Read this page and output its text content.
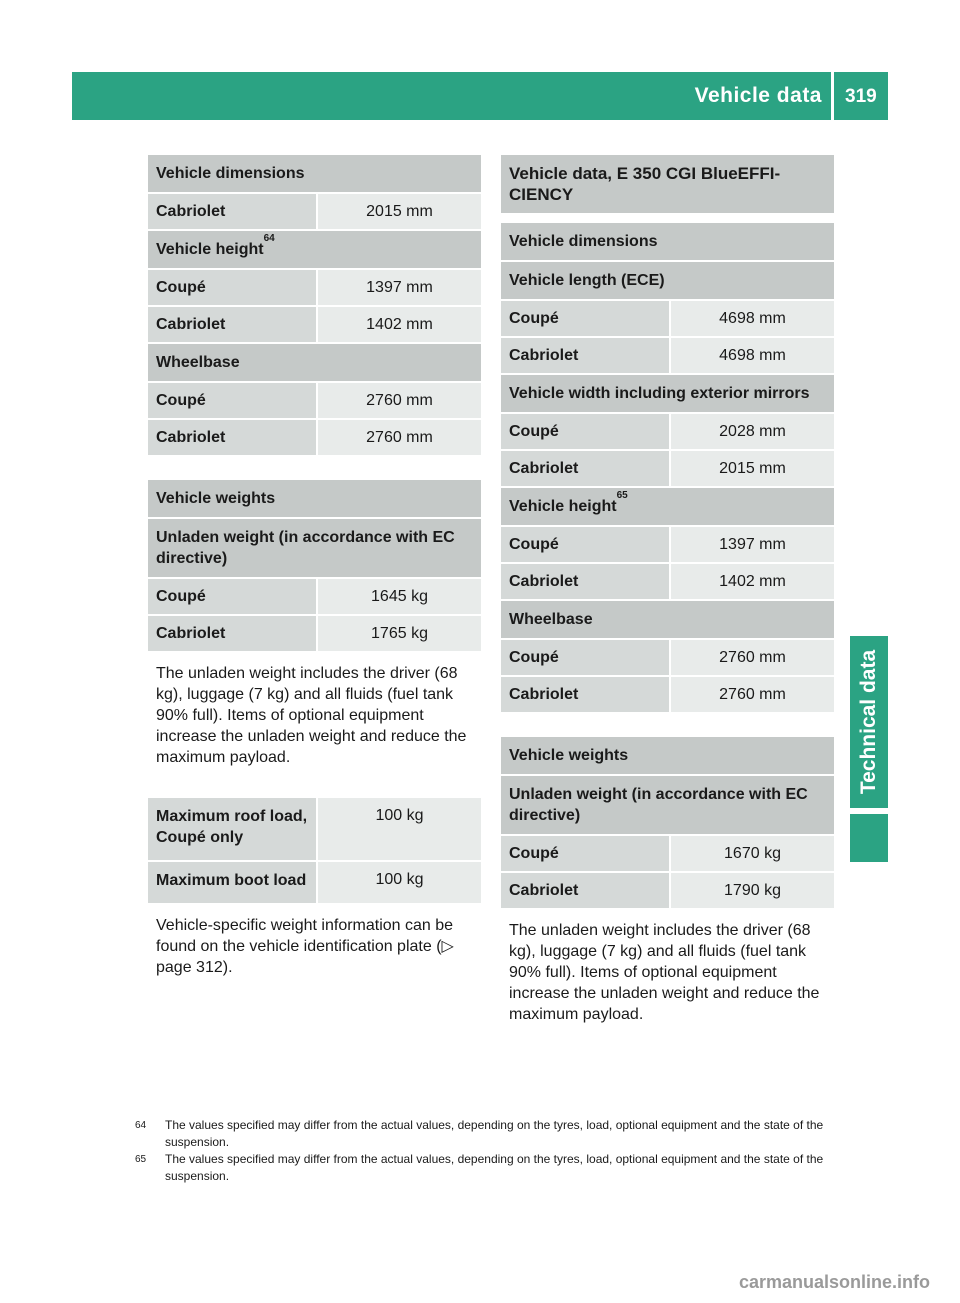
Vehicle data 319
Technical data
Vehicle dimensions
Cabriolet	2015 mm
Vehicle height
64
Coupé	1397 mm
Cabriolet	1402 mm
Wheelbase
Coupé	2760 mm
Cabriolet	2760 mm
Vehicle weights
Unladen weight (in accordance with EC directive)
Coupé	1645 kg
Cabriolet	1765 kg

The unladen weight includes the driver (68 kg), luggage (7 kg) and all fluids (fuel tank 90% full). Items of optional equipment increase the unladen weight and reduce the maximum payload.

Maximum roof load, Coupé only
100 kg
Maximum boot load	100 kg

Vehicle-specific weight information can be found on the vehicle identification plate (▷ page 312).

Vehicle data, E 350 CGI BlueEFFI-CIENCY
Vehicle dimensions
Vehicle length (ECE)
Coupé	4698 mm
Cabriolet	4698 mm
Vehicle width including exterior mirrors
Coupé	2028 mm
Cabriolet	2015 mm
Vehicle height
65
Coupé	1397 mm
Cabriolet	1402 mm
Wheelbase
Coupé	2760 mm
Cabriolet	2760 mm
Vehicle weights
Unladen weight (in accordance with EC directive)
Coupé	1670 kg
Cabriolet	1790 kg

The unladen weight includes the driver (68 kg), luggage (7 kg) and all fluids (fuel tank 90% full). Items of optional equipment increase the unladen weight and reduce the maximum payload.

64	The values specified may differ from the actual values, depending on the tyres, load, optional equipment and the state of the suspension.
65	The values specified may differ from the actual values, depending on the tyres, load, optional equipment and the state of the suspension.
carmanualsonline.info
